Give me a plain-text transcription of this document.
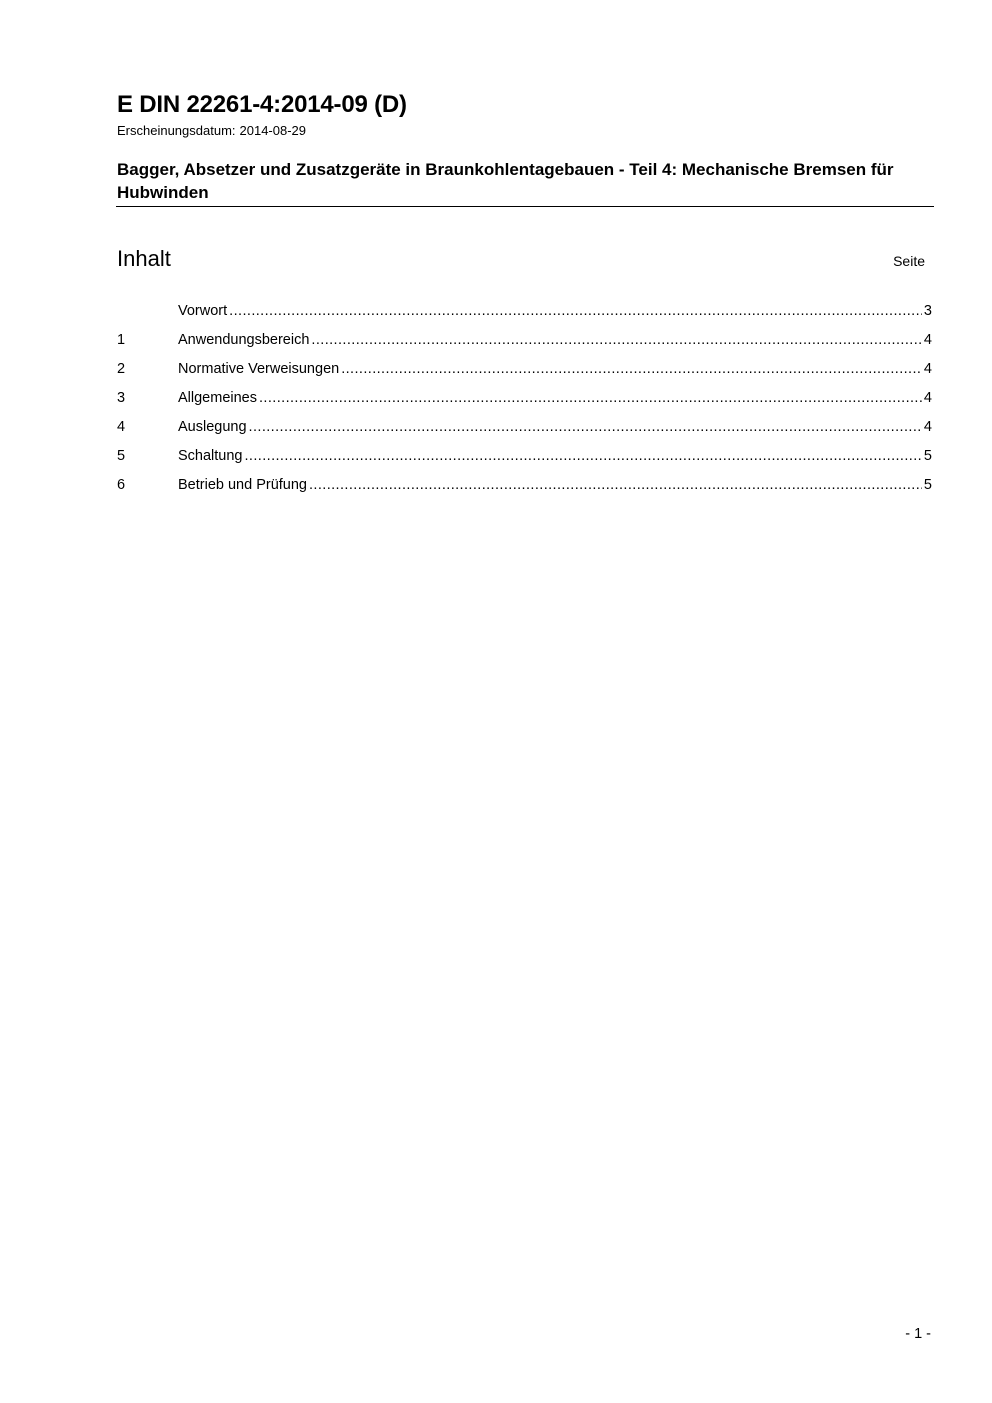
E DIN 22261-4:2014-09 (D)
Erscheinungsdatum: 2014-08-29
Bagger, Absetzer und Zusatzgeräte in Braunkohlentagebauen - Teil 4: Mechanische Bremsen für Hubwinden
Inhalt	Seite
Vorwort .....	3
1	Anwendungsbereich .....	4
2	Normative Verweisungen .....	4
3	Allgemeines .....	4
4	Auslegung .....	4
5	Schaltung .....	5
6	Betrieb und Prüfung .....	5
- 1 -
